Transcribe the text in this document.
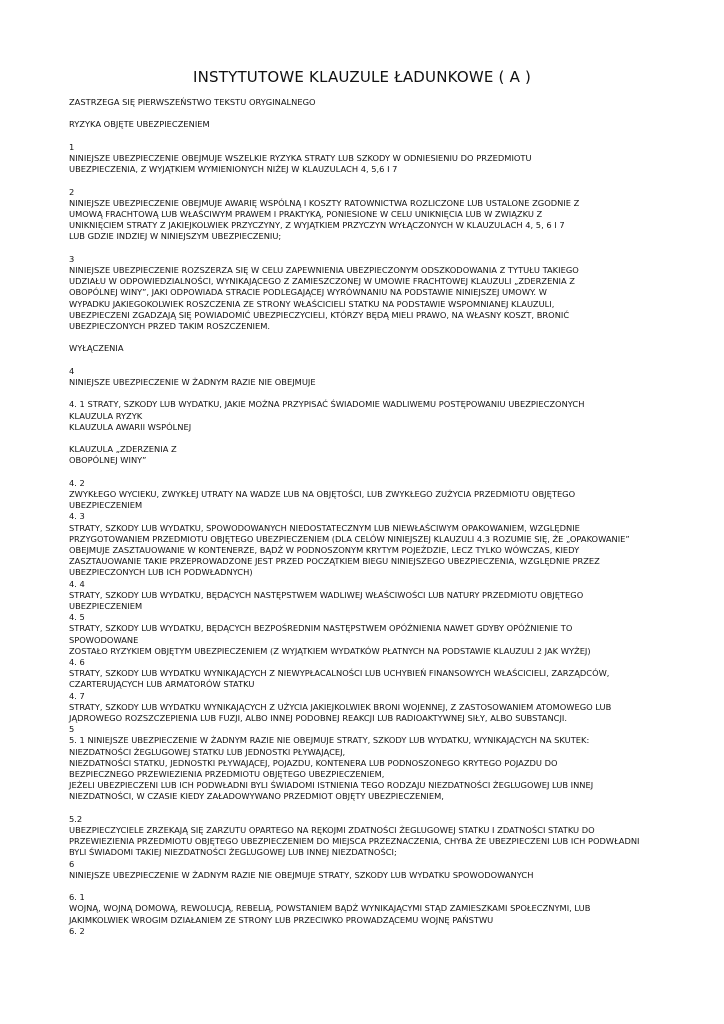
INSTYTUTOWE KLAUZULE ŁADUNKOWE ( A )
ZASTRZEGA SIĘ PIERWSZEŃSTWO TEKSTU ORYGINALNEGO
RYZYKA OBJĘTE UBEZPIECZENIEM
1
NINIEJSZE UBEZPIECZENIE OBEJMUJE WSZELKIE RYZYKA STRATY LUB SZKODY W ODNIESIENIU DO PRZEDMIOTU
UBEZPIECZENIA, Z WYJĄTKIEM WYMIENIONYCH NIŻEJ W KLAUZULACH 4, 5,6 I 7
2
NINIEJSZE UBEZPIECZENIE OBEJMUJE AWARIĘ WSPÓLNĄ I KOSZTY RATOWNICTWA ROZLICZONE LUB USTALONE ZGODNIE Z
UMOWĄ FRACHTOWĄ LUB WŁAŚCIWYM PRAWEM I PRAKTYKĄ, PONIESIONE W CELU UNIKNIĘCIA LUB W ZWIĄZKU Z
UNIKNIĘCIEM STRATY Z JAKIEJKOLWIEK PRZYCZYNY, Z WYJĄTKIEM PRZYCZYN WYŁĄCZONYCH W KLAUZULACH 4, 5, 6 I 7
LUB GDZIE INDZIEJ W NINIEJSZYM UBEZPIECZENIU;
3
NINIEJSZE UBEZPIECZENIE ROZSZERZA SIĘ W CELU ZAPEWNIENIA UBEZPIECZONYM ODSZKODOWANIA Z TYTUŁU TAKIEGO
UDZIAŁU W ODPOWIEDZIALNOŚCI, WYNIKAJĄCEGO Z ZAMIESZCZONEJ W UMOWIE FRACHTOWEJ KLAUZULI „ZDERZENIA Z
OBOPÓLNEJ WINY”, JAKI ODPOWIADA STRACIE PODLEGAJĄCEJ WYRÓWNANIU NA PODSTAWIE NINIEJSZEJ UMOWY. W
WYPADKU JAKIEGOKOLWIEK ROSZCZENIA ZE STRONY WŁAŚCICIELI STATKU NA PODSTAWIE WSPOMNIANEJ KLAUZULI,
UBEZPIECZENI ZGADZAJĄ SIĘ POWIADOMIĆ UBEZPIECZYCIELI, KTÓRZY BĘDĄ MIELI PRAWO, NA WŁASNY KOSZT, BRONIĆ
UBEZPIECZONYCH PRZED TAKIM ROSZCZENIEM.
WYŁĄCZENIA
4
NINIEJSZE UBEZPIECZENIE W ŻADNYM RAZIE NIE OBEJMUJE
4. 1 STRATY, SZKODY LUB WYDATKU, JAKIE MOŻNA PRZYPISAĆ ŚWIADOMIE WADLIWEMU POSTĘPOWANIU UBEZPIECZONYCH
KLAUZULA RYZYK
KLAUZULA AWARII WSPÓLNEJ
KLAUZULA „ZDERZENIA Z
OBOPÓLNEJ WINY”
4. 2
ZWYKŁEGO WYCIEKU, ZWYKŁEJ UTRATY NA WADZE LUB NA OBJĘTOŚCI, LUB ZWYKŁEGO ZUŻYCIA PRZEDMIOTU OBJĘTEGO
UBEZPIECZENIEM
4. 3
STRATY, SZKODY LUB WYDATKU, SPOWODOWANYCH NIEDOSTATECZNYM LUB NIEWŁAŚCIWYM OPAKOWANIEM, WZGLĘDNIE
PRZYGOTOWANIEM PRZEDMIOTU OBJĘTEGO UBEZPIECZENIEM (DLA CELÓW NINIEJSZEJ KLAUZULI 4.3 ROZUMIE SIĘ, ŻE „OPAKOWANIE”
OBEJMUJE ZASZTAUOWANIE W KONTENERZE, BĄDŹ W PODNOSZONYM KRYTYM POJEŹDZIE, LECZ TYLKO WÓWCZAS, KIEDY
ZASZTAUOWANIE TAKIE PRZEPROWADZONE JEST PRZED POCZĄTKIEM BIEGU NINIEJSZEGO UBEZPIECZENIA, WZGLĘDNIE PRZEZ
UBEZPIECZONYCH LUB ICH PODWŁADNYCH)
4. 4
STRATY, SZKODY LUB WYDATKU, BĘDĄCYCH NASTĘPSTWEM WADLIWEJ WŁAŚCIWOŚCI LUB NATURY PRZEDMIOTU OBJĘTEGO
UBEZPIECZENIEM
4. 5
STRATY, SZKODY LUB WYDATKU, BĘDĄCYCH BEZPOŚREDNIM NASTĘPSTWEM OPÓŹNIENIA NAWET GDYBY OPÓŹNIENIE TO
SPOWODOWANE
ZOSTAŁO RYZYKIEM OBJĘTYM UBEZPIECZENIEM (Z WYJĄTKIEM WYDATKÓW PŁATNYCH NA PODSTAWIE KLAUZULI 2 JAK WYŻEJ)
4. 6
STRATY, SZKODY LUB WYDATKU WYNIKAJĄCYCH Z NIEWYPŁACALNOŚCI LUB UCHYBIEŃ FINANSOWYCH WŁAŚCICIELI, ZARZĄDCÓW,
CZARTERUJĄCYCH LUB ARMATORÓW STATKU
4. 7
STRATY, SZKODY LUB WYDATKU WYNIKAJĄCYCH Z UŻYCIA JAKIEJKOLWIEK BRONI WOJENNEJ, Z ZASTOSOWANIEM ATOMOWEGO LUB
JĄDROWEGO ROZSZCZEPIENIA LUB FUZJI, ALBO INNEJ PODOBNEJ REAKCJI LUB RADIOAKTYWNEJ SIŁY, ALBO SUBSTANCJI.
5
5. 1 NINIEJSZE UBEZPIECZENIE W ŻADNYM RAZIE NIE OBEJMUJE STRATY, SZKODY LUB WYDATKU, WYNIKAJĄCYCH NA SKUTEK:
NIEZDATNOŚCI ŻEGLUGOWEJ STATKU LUB JEDNOSTKI PŁYWAJĄCEJ,
NIEZDATNOŚCI STATKU, JEDNOSTKI PŁYWAJĄCEJ, POJAZDU, KONTENERA LUB PODNOSZONEGO KRYTEGO POJAZDU DO
BEZPIECZNEGO PRZEWIEZIENIA PRZEDMIOTU OBJĘTEGO UBEZPIECZENIEM,
JEŻELI UBEZPIECZENI LUB ICH PODWŁADNI BYLI ŚWIADOMI ISTNIENIA TEGO RODZAJU NIEZDATNOŚCI ŻEGLUGOWEJ LUB INNEJ
NIEZDATNOŚCI, W CZASIE KIEDY ZAŁADOWYWANO PRZEDMIOT OBJĘTY UBEZPIECZENIEM,
5.2
UBEZPIECZYCIELE ZRZEKAJĄ SIĘ ZARZUTU OPARTEGO NA RĘKOJMI ZDATNOŚCI ŻEGLUGOWEJ STATKU I ZDATNOŚCI STATKU DO
PRZEWIEZIENIA PRZEDMIOTU OBJĘTEGO UBEZPIECZENIEM DO MIEJSCA PRZEZNACZENIA, CHYBA ŻE UBEZPIECZENI LUB ICH PODWŁADNI
BYLI ŚWIADOMI TAKIEJ NIEZDATNOŚCI ŻEGLUGOWEJ LUB INNEJ NIEZDATNOŚCI;
6
NINIEJSZE UBEZPIECZENIE W ŻADNYM RAZIE NIE OBEJMUJE STRATY, SZKODY LUB WYDATKU SPOWODOWANYCH
6. 1
WOJNĄ, WOJNĄ DOMOWĄ, REWOLUCJĄ, REBELIĄ, POWSTANIEM BĄDŹ WYNIKAJĄCYMI STĄD ZAMIESZKAMI SPOŁECZNYMI, LUB
JAKIMKOLWIEK WROGIM DZIAŁANIEM ZE STRONY LUB PRZECIWKO PROWADZĄCEMU WOJNĘ PAŃSTWU
6. 2
